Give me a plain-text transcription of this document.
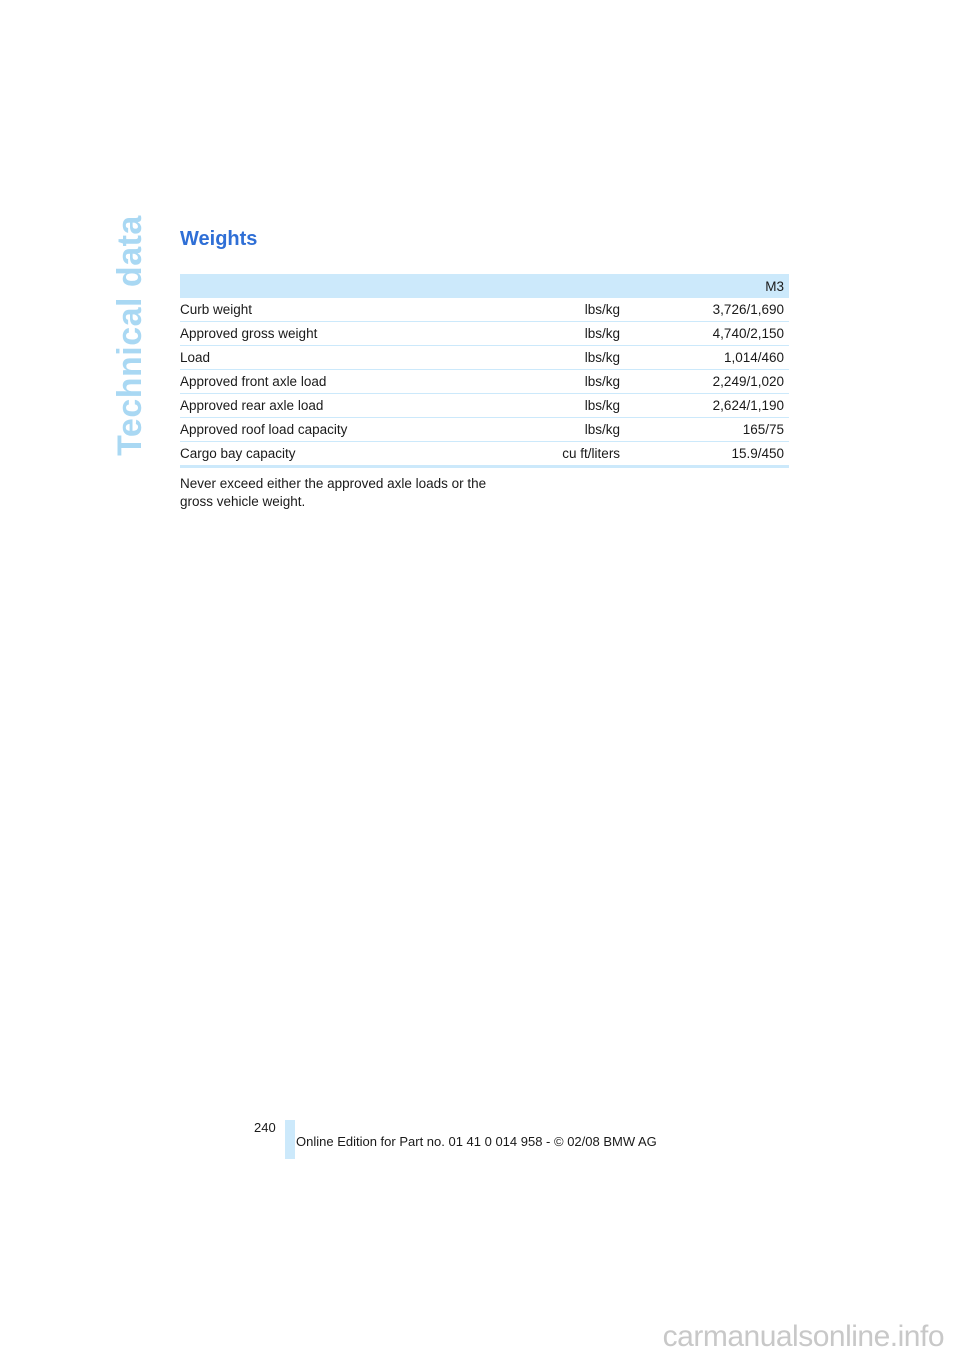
Technical data Weights
		M3
Curb weight	lbs/kg	3,726/1,690
Approved gross weight	lbs/kg	4,740/2,150
Load	lbs/kg	1,014/460
Approved front axle load	lbs/kg	2,249/1,020
Approved rear axle load	lbs/kg	2,624/1,190
Approved roof load capacity	lbs/kg	165/75
Cargo bay capacity	cu ft/liters	15.9/450

Never exceed either the approved axle loads or the gross vehicle weight.

240
Online Edition for Part no. 01 41 0 014 958 - © 02/08 BMW AG
carmanualsonline.info
